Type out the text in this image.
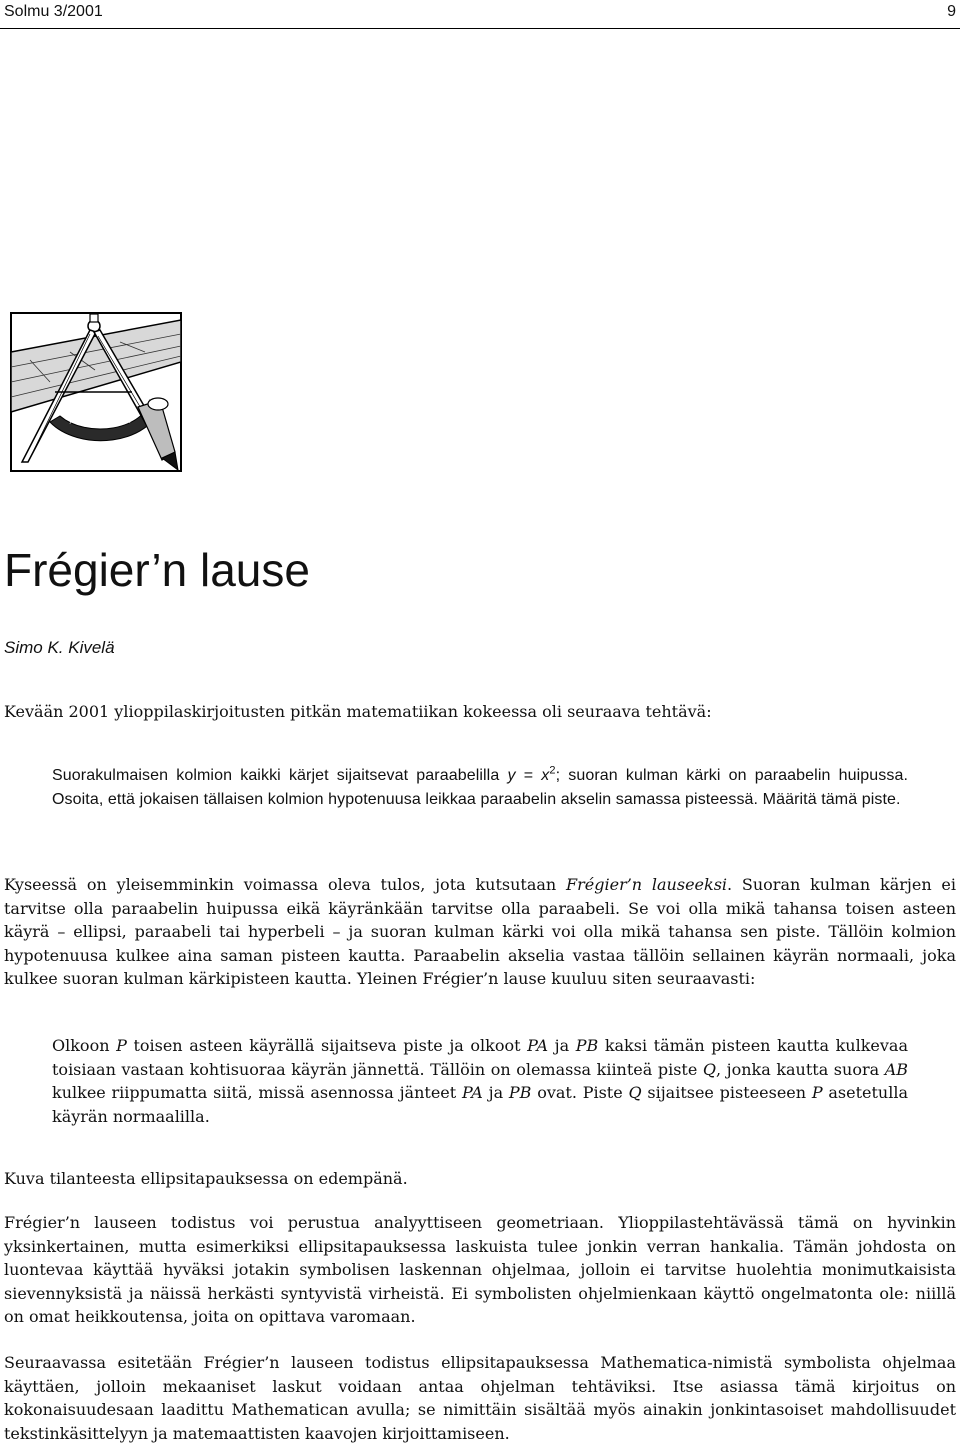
Solmu 3/2001	9
Frégier’n lause
Simo K. Kivelä

Kevään 2001 ylioppilaskirjoitusten pitkän matematiikan kokeessa oli seuraava tehtävä:

Suorakulmaisen kolmion kaikki kärjet sijaitsevat paraabelilla $y = x^2$; suoran kulman kärki on paraabelin huipussa. Osoita, että jokaisen tällaisen kolmion hypotenuusa leikkaa paraabelin akselin samassa pisteessä. Määritä tämä piste.

Kyseessä on yleisemminkin voimassa oleva tulos, jota kutsutaan Frégier’n lauseeksi. Suoran kulman kärjen ei tarvitse olla paraabelin huipussa eikä käyränkään tarvitse olla paraabeli. Se voi olla mikä tahansa toisen asteen käyrä – ellipsi, paraabeli tai hyperbeli – ja suoran kulman kärki voi olla mikä tahansa sen piste. Tällöin kolmion hypotenuusa kulkee aina saman pisteen kautta. Paraabelin akselia vastaa tällöin sellainen käyrän normaali, joka kulkee suoran kulman kärkipisteen kautta. Yleinen Frégier’n lause kuuluu siten seuraavasti:

Olkoon P toisen asteen käyrällä sijaitseva piste ja olkoot PA ja PB kaksi tämän pisteen kautta kulkevaa toisiaan vastaan kohtisuoraa käyrän jännettä. Tällöin on olemassa kiinteä piste Q, jonka kautta suora AB kulkee riippumatta siitä, missä asennossa jänteet PA ja PB ovat. Piste Q sijaitsee pisteeseen P asetetulla käyrän normaalilla.

Kuva tilanteesta ellipsitapauksessa on edempänä.

Frégier’n lauseen todistus voi perustua analyyttiseen geometriaan. Ylioppilastehtävässä tämä on hyvinkin yksinkertainen, mutta esimerkiksi ellipsitapauksessa laskuista tulee jonkin verran hankalia. Tämän johdosta on luontevaa käyttää hyväksi jotakin symbolisen laskennan ohjelmaa, jolloin ei tarvitse huolehtia monimutkaisista sievennyksistä ja näissä herkästi syntyvistä virheistä. Ei symbolisten ohjelmienkaan käyttö ongelmatonta ole: niillä on omat heikkoutensa, joita on opittava varomaan.

Seuraavassa esitetään Frégier’n lauseen todistus ellipsitapauksessa Mathematica-nimistä symbolista ohjelmaa käyttäen, jolloin mekaaniset laskut voidaan antaa ohjelman tehtäviksi. Itse asiassa tämä kirjoitus on kokonaisuudesaan laadittu Mathematican avulla; se nimittäin sisältää myös ainakin jonkintasoiset mahdollisuudet tekstinkäsittelyyn ja matemaattisten kaavojen kirjoittamiseen.
